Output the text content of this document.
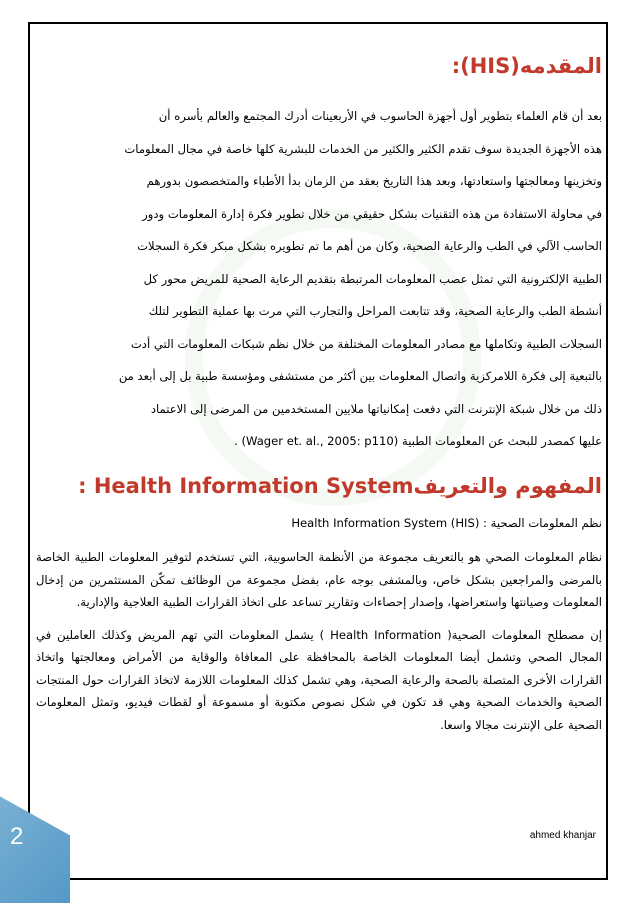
المقدمه(HIS):

بعد أن قام العلماء بتطوير أول أجهزة الحاسوب في الأربعينات أدرك المجتمع والعالم بأسره أن

هذه الأجهزة الجديدة سوف تقدم الكثير والكثير من الخدمات للبشرية كلها خاصة في مجال المعلومات

وتخزينها ومعالجتها واستعادتها، وبعد هذا التاريخ بعقد من الزمان بدأ الأطباء والمتخصصون بدورهم

في محاولة الاستفادة من هذه التقنيات بشكل حقيقي من خلال تطوير فكرة إدارة المعلومات ودور

الحاسب الآلي في الطب والرعاية الصحية، وكان من أهم ما تم تطويره بشكل مبكر فكرة السجلات

الطبية الإلكترونية التي تمثل عصب المعلومات المرتبطة بتقديم الرعاية الصحية للمريض محور كل

أنشطة الطب والرعاية الصحية، وقد تتابعت المراحل والتجارب التي مرت بها عملية التطوير لتلك

السجلات الطبية وتكاملها مع مصادر المعلومات المختلفة من خلال نظم شبكات المعلومات التي أدت

بالتبعية إلى فكرة اللامركزية واتصال المعلومات بين أكثر من مستشفى ومؤسسة طبية بل إلى أبعد من

ذلك من خلال شبكة الإنترنت التي دفعت إمكانياتها ملايين المستخدمين من المرضى إلى الاعتماد

عليها كمصدر للبحث عن المعلومات الطبية (Wager et. al., 2005: p110) .

المفهوم والتعريفHealth Information System :

نظم المعلومات الصحية : (Health Information System (HIS

نظام المعلومات الصحي هو بالتعريف مجموعة من الأنظمة الحاسوبية، التي تستخدم لتوفير المعلومات الطبية الخاصة بالمرضى والمراجعين بشكل خاص، وبالمشفى بوجه عام، بفضل مجموعة من الوظائف تمكّن المستثمرين من إدخال المعلومات وصيانتها واستعراضها، وإصدار إحصاءات وتقارير تساعد على اتخاذ القرارات الطبية العلاجية والإدارية.

إن مصطلح المعلومات الصحية( Health Information ) يشمل المعلومات التي تهم المريض وكذلك العاملين في المجال الصحي وتشمل أيضا المعلومات الخاصة بالمحافظة على المعافاة والوقاية من الأمراض ومعالجتها واتخاذ القرارات الأخرى المتصلة بالصحة والرعاية الصحية، وهي تشمل كذلك المعلومات اللازمة لاتخاذ القرارات حول المنتجات الصحية والخدمات الصحية وهي قد تكون في شكل نصوص مكتوبة أو مسموعة أو لقطات فيديو، وتمثل المعلومات الصحية على الإنترنت مجالا واسعا.

2	ahmed khanjar
